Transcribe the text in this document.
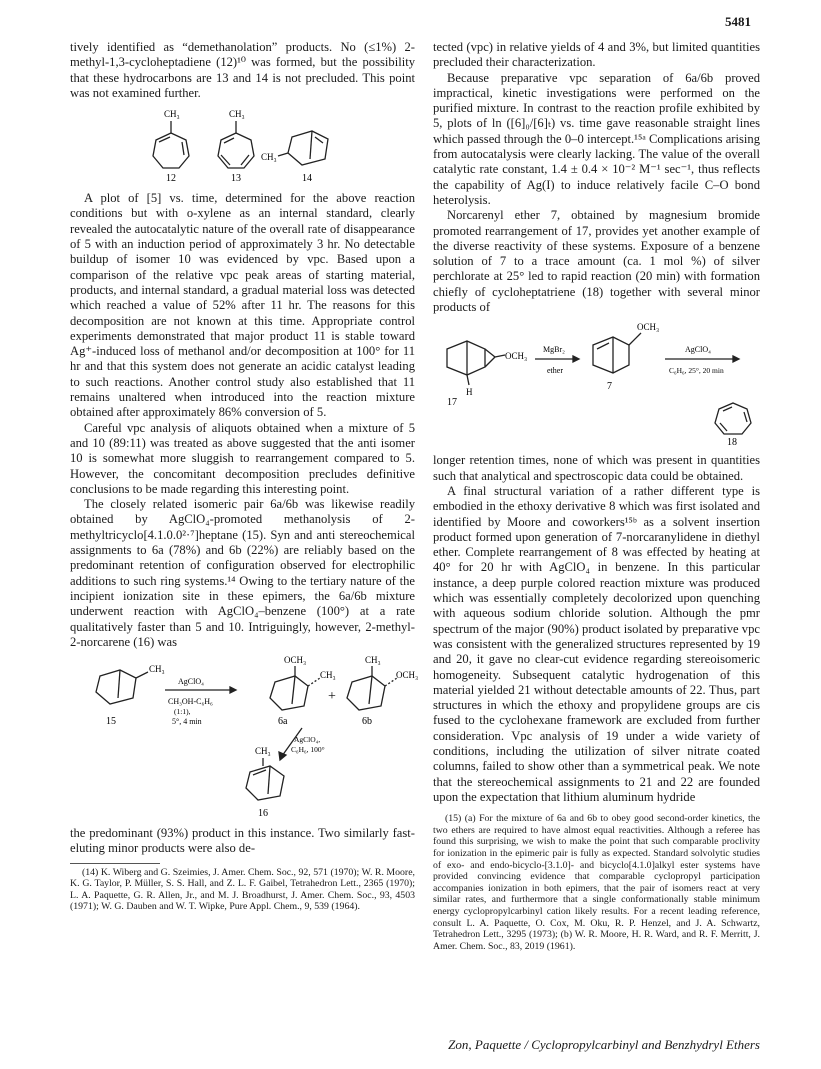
5481

tively identified as “demethanolation” products. No (≤1%) 2-methyl-1,3-cycloheptadiene (12)¹⁰ was formed, but the possibility that these hydrocarbons are 13 and 14 is not precluded. This point was not examined further.

CH₃	CH₃
CH₃
12	13	14

A plot of [5] vs. time, determined for the above reaction conditions but with o-xylene as an internal standard, clearly revealed the autocatalytic nature of the overall rate of disappearance of 5 with an induction period of approximately 3 hr. No detectable buildup of isomer 10 was evidenced by vpc. Based upon a comparison of the relative vpc peak areas of starting material, products, and internal standard, a gradual material loss was detected which reached a value of 52% after 11 hr. The reasons for this decomposition are not known at this time. Appropriate control experiments demonstrated that major product 11 is stable toward Ag⁺-induced loss of methanol and/or decomposition at 100° for 11 hr and that this system does not generate an acidic catalyst leading to such reactions. Another control study also established that 11 remains unaltered when introduced into the reaction mixture obtained after approximately 86% conversion of 5.

Careful vpc analysis of aliquots obtained when a mixture of 5 and 10 (89:11) was treated as above suggested that the anti isomer 10 is somewhat more sluggish to rearrangement compared to 5. However, the concomitant decomposition precludes definitive conclusions to be made regarding this interesting point.

The closely related isomeric pair 6a/6b was likewise readily obtained by AgClO₄-promoted methanolysis of 2-methyltricyclo[4.1.0.0²·⁷]heptane (15). Syn and anti stereochemical assignments to 6a (78%) and 6b (22%) are reliably based on the predominant retention of configuration observed for electrophilic additions to such ring systems.¹⁴ Owing to the tertiary nature of the incipient ionization site in these epimers, the 6a/6b mixture underwent reaction with AgClO₄–benzene (100°) at a rate qualitatively faster than 5 and 10. Intriguingly, however, 2-methyl-2-norcarene (16) was

CH₃
AgClO₄
CH₃OH-C₆H₆
(1:1),
5°, 4 min
OCH₃
CH₃
+
CH₃
OCH₃
AgClO₄,
C₆H₆, 100°
CH₃
15	6a	6b
16

the predominant (93%) product in this instance. Two similarly fast-eluting minor products were also de-

(14) K. Wiberg and G. Szeimies, J. Amer. Chem. Soc., 92, 571 (1970); W. R. Moore, K. G. Taylor, P. Müller, S. S. Hall, and Z. L. F. Gaibel, Tetrahedron Lett., 2365 (1970); L. A. Paquette, G. R. Allen, Jr., and M. J. Broadhurst, J. Amer. Chem. Soc., 93, 4503 (1971); W. G. Dauben and W. T. Wipke, Pure Appl. Chem., 9, 539 (1964).

tected (vpc) in relative yields of 4 and 3%, but limited quantities precluded their characterization.

Because preparative vpc separation of 6a/6b proved impractical, kinetic investigations were performed on the purified mixture. In contrast to the reaction profile exhibited by 5, plots of ln ([6]₀/[6]ₜ) vs. time gave reasonable straight lines which passed through the 0–0 intercept.¹⁵ᵃ Complications arising from autocatalysis were clearly lacking. The value of the overall catalytic rate constant, 1.4 ± 0.4 × 10⁻² M⁻¹ sec⁻¹, thus reflects the capability of Ag(I) to induce relatively facile C–O bond heterolysis.

Norcarenyl ether 7, obtained by magnesium bromide promoted rearrangement of 17, provides yet another example of the diverse reactivity of these systems. Exposure of a benzene solution of 7 to a trace amount (ca. 1 mol %) of silver perchlorate at 25° led to rapid reaction (20 min) with formation chiefly of cycloheptatriene (18) together with several minor products of

OCH₃
H
MgBr₂
ether
OCH₃
AgClO₄
C₆H₆, 25°, 20 min
17
7
18

longer retention times, none of which was present in quantities such that analytical and spectroscopic data could be obtained.

A final structural variation of a rather different type is embodied in the ethoxy derivative 8 which was first isolated and identified by Moore and coworkers¹⁵ᵇ as a solvent insertion product formed upon generation of 7-norcaranylidene in diethyl ether. Complete rearrangement of 8 was effected by heating at 40° for 20 hr with AgClO₄ in benzene. In this particular instance, a deep purple colored reaction mixture was produced which was essentially completely decolorized upon quenching with aqueous sodium chloride solution. Although the pmr spectrum of the major (90%) product isolated by preparative vpc was consistent with the generalized structures represented by 19 and 20, it gave no clear-cut evidence regarding stereoisomeric homogeneity. Subsequent catalytic hydrogenation of this material yielded 21 without detectable amounts of 22. Thus, part structures in which the ethoxy and propylidene groups are cis fused to the cyclohexane framework are excluded from further consideration. Vpc analysis of 19 under a wide variety of conditions, including the utilization of silver nitrate coated columns, failed to show other than a symmetrical peak. We note that the stereochemical assignments to 21 and 22 are founded upon the expectation that lithium aluminum hydride

(15) (a) For the mixture of 6a and 6b to obey good second-order kinetics, the two ethers are required to have almost equal reactivities. Although a referee has found this surprising, we wish to make the point that such comparable proclivity for ionization in the epimeric pair is fully as expected. Standard solvolytic studies of exo- and endo-bicyclo-[3.1.0]- and bicyclo[4.1.0]alkyl ester systems have provided convincing evidence that comparable cyclopropyl participation accompanies ionization in both epimers, that the pair of isomers react at very similar rates, and furthermore that a single conformationally stable minimum energy cyclopropylcarbinyl cation likely results. For a recent leading reference, consult L. A. Paquette, O. Cox, M. Oku, R. P. Henzel, and J. A. Schwartz, Tetrahedron Lett., 3295 (1973); (b) W. R. Moore, H. R. Ward, and R. F. Merritt, J. Amer. Chem. Soc., 83, 2019 (1961).

Zon, Paquette / Cyclopropylcarbinyl and Benzhydryl Ethers
